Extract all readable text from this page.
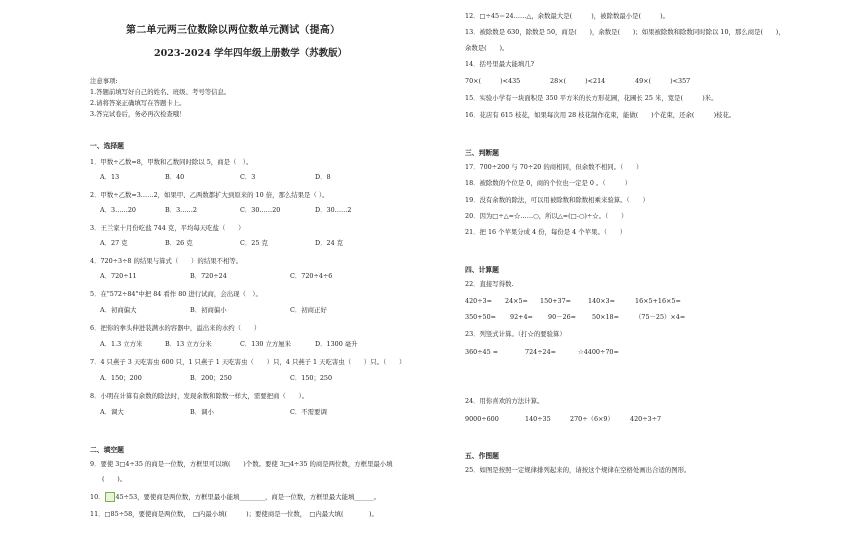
第二单元两三位数除以两位数单元测试（提高）
2023-2024 学年四年级上册数学（苏教版）
注意事项:
1.答题前填写好自己的姓名、班级、考号等信息。
2.请将答案正确填写在答题卡上。
3.答完试卷后，务必再次检查哦！
一、选择题
1．甲数÷乙数=8，甲数和乙数同时除以 5，商是（　）。
A．13	B．40	C．3	D．8
2．甲数÷乙数=3……2，如果甲、乙两数都扩大到原来的 10 倍，那么结果是（ ）。
A．3……20	B．3……2	C．30……20	D．30……2
3．王兰家十月份吃盐 744 克，平均每天吃盐（　　）
A．27 克	B．26 克	C．25 克	D．24 克
4．720÷3÷8 的结果与算式（　　）的结果不相等。
A．720÷11	B．720÷24	C．720÷4÷6
5．在"572÷84"中把 84 看作 80 进行试商，会出现（　）。
A．初商偏大	B．初商偏小	C．初商正好
6．把你的拳头伸进装满水的容器中，溢出来的水约（　　）
A．1.3 立方米	B．13 立方分米	C．130 立方厘米	D．1300 毫升
7．4 只燕子 3 天吃害虫 600 只，1 只燕子 1 天吃害虫（　　）只，4 只燕子 1 天吃害虫（　　）只。（　　）
A．150；200	B．200；250	C．150；250
8．小明在计算有余数的除法时，发现余数和除数一样大，需要把商（　　）。
A．调大	B．调小	C．不需要调
二、填空题
9．要使 3□4÷35 的商是一位数，方框里可以填(　　)个数。要使 3□4÷35 的商是两位数，方框里最小填
(　　)。
10． 45÷53，要使商是两位数，方框里最小能填________，商是一位数，方框里最大能填______。
11．□85÷58，要使商是两位数，　□内最小填(　　　)；要使商是一位数，　□内最大填(　　　　)。
12．□÷45＝24……△，余数最大是(　　　)，被除数最小是(　　　)。
13．被除数是 630，除数是 50，商是(　　)，余数是(　　)；如果被除数和除数同时除以 10，那么商是(　　)，
余数是(　　)。
14．括号里最大能填几?
70×(　　　)<435	28×(　　　)<214	49×(　　　)<357
15．实验小学有一块面积是 350 平方米的长方形花圃，花圃长 25 米，宽是(　　　)米。
16．花店有 615 枝花，如果每次用 28 枝花制作花束，能做(　　)个花束，还余(　　　)枝花。
三、判断题
17．700÷200 与 70÷20 的商相同，但余数不相同。（　　）
18．被除数的个位是 0，商的个位也一定是 0 。（　　　）
19．没有余数的除法，可以用被除数和除数相乘来验算。（　　）
20．因为□÷△=☆……○，所以△=(□-○)÷☆。（　　）
21．把 16 个苹果分成 4 份，每份是 4 个苹果。（　　）
四、计算题
22．直接写得数.
420÷3= 24×5= 150+37=	140×3=	16×5+16×5=
350+50= 92+4= 90－26= 50×18=	（75－25）×4=
23．列竖式计算。（打☆的要验算）
360÷45 =	724÷24=	☆4400÷70=
24．用你喜欢的方法计算。
9000÷600	140÷35	270÷（6×9）	420÷3÷7
五、作图题
25．如图是按照一定规律排列起来的，请按这个规律在空格处画出合适的图形。
